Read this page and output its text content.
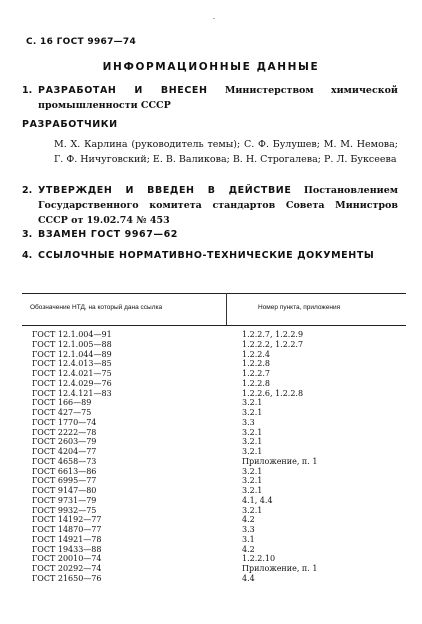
⸳
С. 16 ГОСТ 9967—74
ИНФОРМАЦИОННЫЕ ДАННЫЕ
1. РАЗРАБОТАН И ВНЕСЕН Министерством химической промышленности СССР
РАЗРАБОТЧИКИ
М. Х. Карлина (руководитель темы); С. Ф. Булушев; М. М. Немова; Г. Ф. Ничуговский; Е. В. Валикова; В. Н. Строгалева; Р. Л. Буксеева
2. УТВЕРЖДЕН И ВВЕДЕН В ДЕЙСТВИЕ Постановлением Государственного комитета стандартов Совета Министров СССР от 19.02.74 № 453
3. ВЗАМЕН ГОСТ 9967—62
4. ССЫЛОЧНЫЕ НОРМАТИВНО-ТЕХНИЧЕСКИЕ ДОКУМЕНТЫ
Обозначение НТД, на который дана ссылка	Номер пункта, приложения
ГОСТ 12.1.004—91	1.2.2.7, 1.2.2.9
ГОСТ 12.1.005—88	1.2.2.2, 1.2.2.7
ГОСТ 12.1.044—89	1.2.2.4
ГОСТ 12.4.013—85	1.2.2.8
ГОСТ 12.4.021—75	1.2.2.7
ГОСТ 12.4.029—76	1.2.2.8
ГОСТ 12.4.121—83	1.2.2.6, 1.2.2.8
ГОСТ 166—89	3.2.1
ГОСТ 427—75	3.2.1
ГОСТ 1770—74	3.3
ГОСТ 2222—78	3.2.1
ГОСТ 2603—79	3.2.1
ГОСТ 4204—77	3.2.1
ГОСТ 4658—73	Приложение, п. 1
ГОСТ 6613—86	3.2.1
ГОСТ 6995—77	3.2.1
ГОСТ 9147—80	3.2.1
ГОСТ 9731—79	4.1, 4.4
ГОСТ 9932—75	3.2.1
ГОСТ 14192—77	4.2
ГОСТ 14870—77	3.3
ГОСТ 14921—78	3.1
ГОСТ 19433—88	4.2
ГОСТ 20010—74	1.2.2.10
ГОСТ 20292—74	Приложение, п. 1
ГОСТ 21650—76	4.4
